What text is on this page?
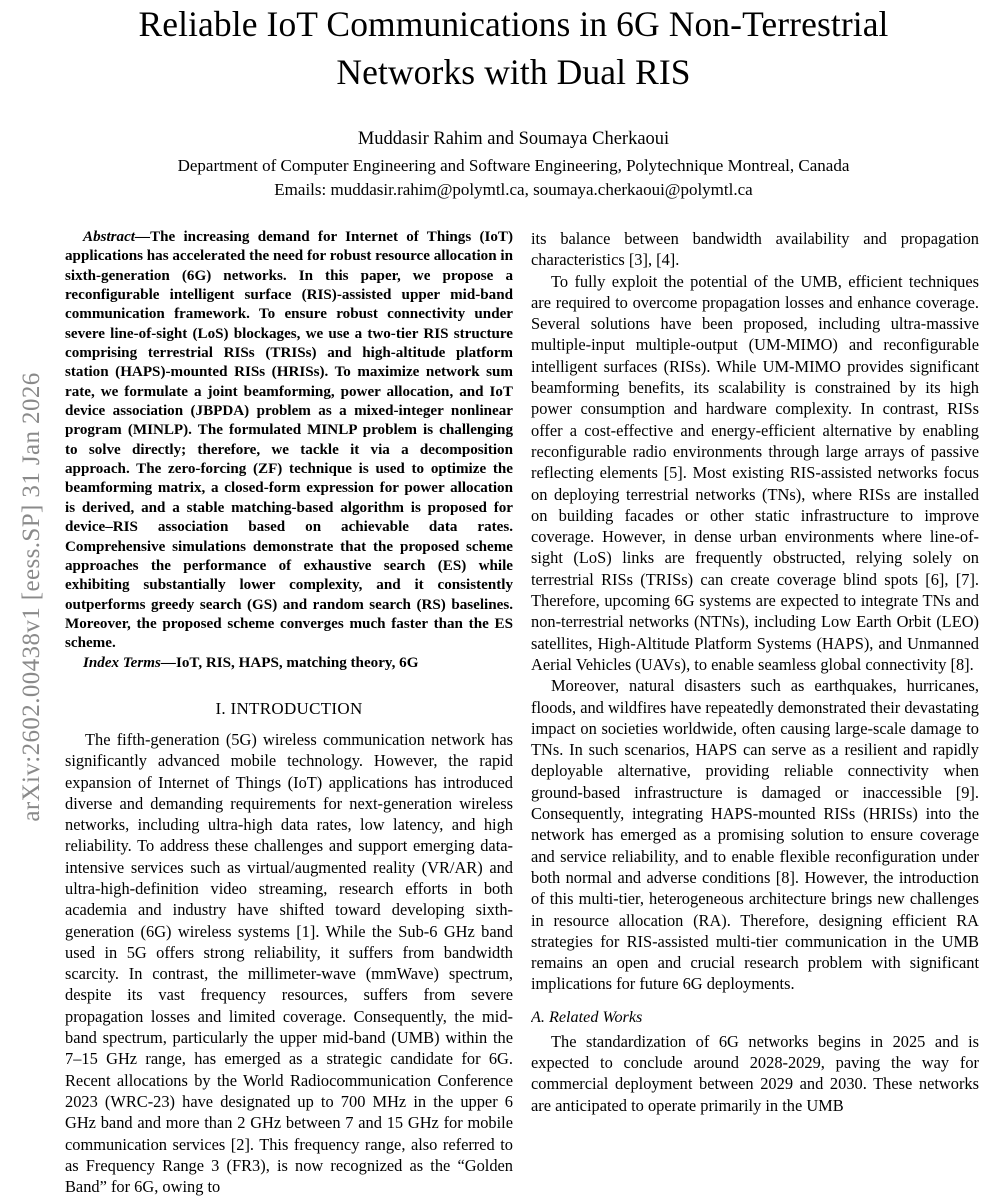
arXiv:2602.00438v1 [eess.SP] 31 Jan 2026
Reliable IoT Communications in 6G Non-Terrestrial Networks with Dual RIS
Muddasir Rahim and Soumaya Cherkaoui
Department of Computer Engineering and Software Engineering, Polytechnique Montreal, Canada
Emails: muddasir.rahim@polymtl.ca, soumaya.cherkaoui@polymtl.ca

Abstract—The increasing demand for Internet of Things (IoT) applications has accelerated the need for robust resource allocation in sixth-generation (6G) networks. In this paper, we propose a reconfigurable intelligent surface (RIS)-assisted upper mid-band communication framework. To ensure robust connectivity under severe line-of-sight (LoS) blockages, we use a two-tier RIS structure comprising terrestrial RISs (TRISs) and high-altitude platform station (HAPS)-mounted RISs (HRISs). To maximize network sum rate, we formulate a joint beamforming, power allocation, and IoT device association (JBPDA) problem as a mixed-integer nonlinear program (MINLP). The formulated MINLP problem is challenging to solve directly; therefore, we tackle it via a decomposition approach. The zero-forcing (ZF) technique is used to optimize the beamforming matrix, a closed-form expression for power allocation is derived, and a stable matching-based algorithm is proposed for device–RIS association based on achievable data rates. Comprehensive simulations demonstrate that the proposed scheme approaches the performance of exhaustive search (ES) while exhibiting substantially lower complexity, and it consistently outperforms greedy search (GS) and random search (RS) baselines. Moreover, the proposed scheme converges much faster than the ES scheme.

Index Terms—IoT, RIS, HAPS, matching theory, 6G

I. INTRODUCTION

The fifth-generation (5G) wireless communication network has significantly advanced mobile technology. However, the rapid expansion of Internet of Things (IoT) applications has introduced diverse and demanding requirements for next-generation wireless networks, including ultra-high data rates, low latency, and high reliability. To address these challenges and support emerging data-intensive services such as virtual/augmented reality (VR/AR) and ultra-high-definition video streaming, research efforts in both academia and industry have shifted toward developing sixth-generation (6G) wireless systems [1]. While the Sub-6 GHz band used in 5G offers strong reliability, it suffers from bandwidth scarcity. In contrast, the millimeter-wave (mmWave) spectrum, despite its vast frequency resources, suffers from severe propagation losses and limited coverage. Consequently, the mid-band spectrum, particularly the upper mid-band (UMB) within the 7–15 GHz range, has emerged as a strategic candidate for 6G. Recent allocations by the World Radiocommunication Conference 2023 (WRC-23) have designated up to 700 MHz in the upper 6 GHz band and more than 2 GHz between 7 and 15 GHz for mobile communication services [2]. This frequency range, also referred to as Frequency Range 3 (FR3), is now recognized as the “Golden Band” for 6G, owing to

its balance between bandwidth availability and propagation characteristics [3], [4].

To fully exploit the potential of the UMB, efficient techniques are required to overcome propagation losses and enhance coverage. Several solutions have been proposed, including ultra-massive multiple-input multiple-output (UM-MIMO) and reconfigurable intelligent surfaces (RISs). While UM-MIMO provides significant beamforming benefits, its scalability is constrained by its high power consumption and hardware complexity. In contrast, RISs offer a cost-effective and energy-efficient alternative by enabling reconfigurable radio environments through large arrays of passive reflecting elements [5]. Most existing RIS-assisted networks focus on deploying terrestrial networks (TNs), where RISs are installed on building facades or other static infrastructure to improve coverage. However, in dense urban environments where line-of-sight (LoS) links are frequently obstructed, relying solely on terrestrial RISs (TRISs) can create coverage blind spots [6], [7]. Therefore, upcoming 6G systems are expected to integrate TNs and non-terrestrial networks (NTNs), including Low Earth Orbit (LEO) satellites, High-Altitude Platform Systems (HAPS), and Unmanned Aerial Vehicles (UAVs), to enable seamless global connectivity [8].

Moreover, natural disasters such as earthquakes, hurricanes, floods, and wildfires have repeatedly demonstrated their devastating impact on societies worldwide, often causing large-scale damage to TNs. In such scenarios, HAPS can serve as a resilient and rapidly deployable alternative, providing reliable connectivity when ground-based infrastructure is damaged or inaccessible [9]. Consequently, integrating HAPS-mounted RISs (HRISs) into the network has emerged as a promising solution to ensure coverage and service reliability, and to enable flexible reconfiguration under both normal and adverse conditions [8]. However, the introduction of this multi-tier, heterogeneous architecture brings new challenges in resource allocation (RA). Therefore, designing efficient RA strategies for RIS-assisted multi-tier communication in the UMB remains an open and crucial research problem with significant implications for future 6G deployments.

A. Related Works

The standardization of 6G networks begins in 2025 and is expected to conclude around 2028-2029, paving the way for commercial deployment between 2029 and 2030. These networks are anticipated to operate primarily in the UMB
